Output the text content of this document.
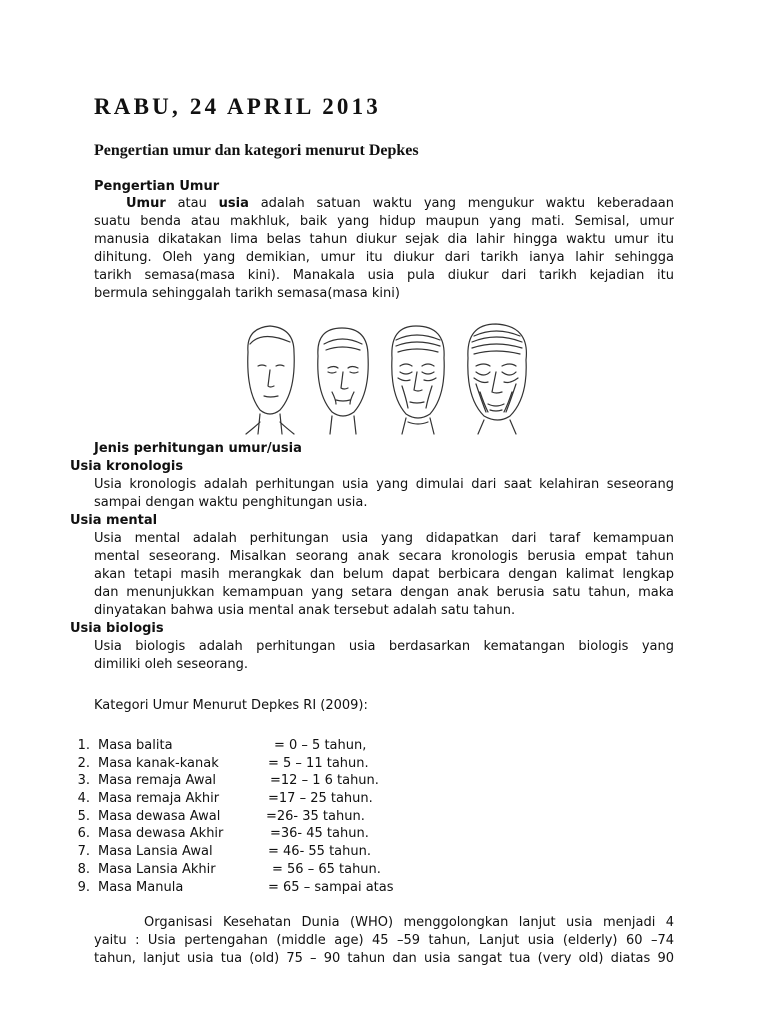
RABU, 24 APRIL 2013
Pengertian umur dan kategori menurut Depkes
Pengertian Umur
Umur atau usia adalah satuan waktu yang mengukur waktu keberadaan
suatu benda atau makhluk, baik yang hidup maupun yang mati. Semisal, umur
manusia dikatakan lima belas tahun diukur sejak dia lahir hingga waktu umur itu
dihitung. Oleh yang demikian, umur itu diukur dari tarikh ianya lahir sehingga
tarikh semasa(masa kini). Manakala usia pula diukur dari tarikh kejadian itu
bermula sehinggalah tarikh semasa(masa kini)
Jenis perhitungan umur/usia
Usia kronologis
Usia kronologis adalah perhitungan usia yang dimulai dari saat kelahiran seseorang
sampai dengan waktu penghitungan usia.
Usia mental
Usia mental adalah perhitungan usia yang didapatkan dari taraf kemampuan
mental seseorang. Misalkan seorang anak secara kronologis berusia empat tahun
akan tetapi masih merangkak dan belum dapat berbicara dengan kalimat lengkap
dan menunjukkan kemampuan yang setara dengan anak berusia satu tahun, maka
dinyatakan bahwa usia mental anak tersebut adalah satu tahun.
Usia biologis
Usia biologis adalah perhitungan usia berdasarkan kematangan biologis yang
dimiliki oleh seseorang.
Kategori Umur Menurut Depkes RI (2009):
1. Masa balita	= 0 – 5 tahun,
2. Masa kanak-kanak	= 5 – 11 tahun.
3. Masa remaja Awal	=12 – 1 6 tahun.
4. Masa remaja Akhir	=17 – 25 tahun.
5. Masa dewasa Awal	=26- 35 tahun.
6. Masa dewasa Akhir	=36- 45 tahun.
7. Masa Lansia Awal	= 46- 55 tahun.
8. Masa Lansia Akhir	= 56 – 65 tahun.
9. Masa Manula	= 65 – sampai atas
Organisasi Kesehatan Dunia (WHO) menggolongkan lanjut usia menjadi 4
yaitu : Usia pertengahan (middle age) 45 –59 tahun, Lanjut usia (elderly) 60 –74
tahun, lanjut usia tua (old) 75 – 90 tahun dan usia sangat tua (very old) diatas 90
